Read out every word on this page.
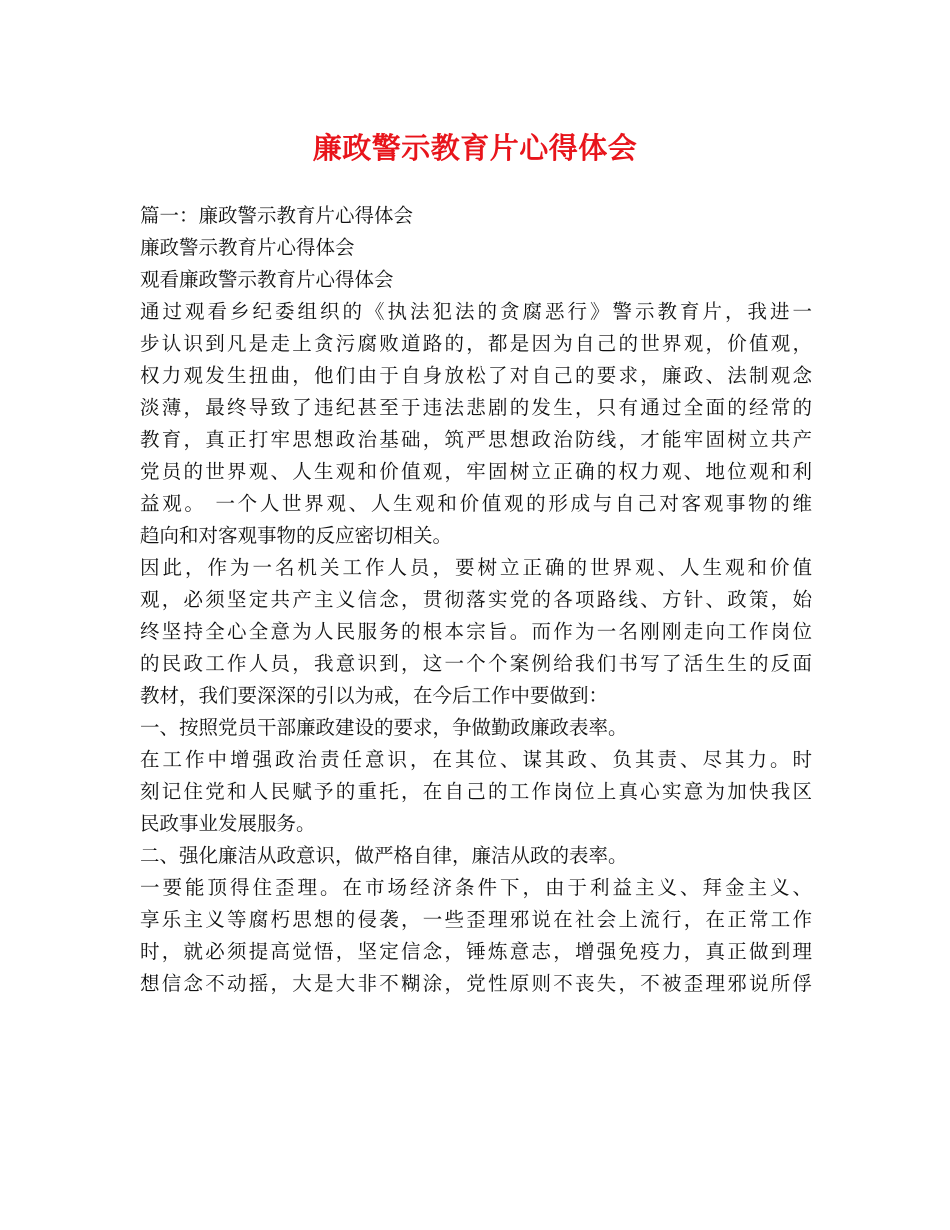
廉政警示教育片心得体会
篇一：廉政警示教育片心得体会
廉政警示教育片心得体会
观看廉政警示教育片心得体会
通过观看乡纪委组织的《执法犯法的贪腐恶行》警示教育片，我进一
步认识到凡是走上贪污腐败道路的，都是因为自己的世界观，价值观，
权力观发生扭曲，他们由于自身放松了对自己的要求，廉政、法制观念
淡薄，最终导致了违纪甚至于违法悲剧的发生，只有通过全面的经常的
教育，真正打牢思想政治基础，筑严思想政治防线，才能牢固树立共产
党员的世界观、人生观和价值观，牢固树立正确的权力观、地位观和利
益观。 一个人世界观、人生观和价值观的形成与自己对客观事物的维
趋向和对客观事物的反应密切相关。
因此，作为一名机关工作人员，要树立正确的世界观、人生观和价值
观，必须坚定共产主义信念，贯彻落实党的各项路线、方针、政策，始
终坚持全心全意为人民服务的根本宗旨。而作为一名刚刚走向工作岗位
的民政工作人员，我意识到，这一个个案例给我们书写了活生生的反面
教材，我们要深深的引以为戒，在今后工作中要做到：
一、按照党员干部廉政建设的要求，争做勤政廉政表率。
在工作中增强政治责任意识，在其位、谋其政、负其责、尽其力。时
刻记住党和人民赋予的重托，在自己的工作岗位上真心实意为加快我区
民政事业发展服务。
二、强化廉洁从政意识，做严格自律，廉洁从政的表率。
一要能顶得住歪理。在市场经济条件下，由于利益主义、拜金主义、
享乐主义等腐朽思想的侵袭，一些歪理邪说在社会上流行，在正常工作
时，就必须提高觉悟，坚定信念，锤炼意志，增强免疫力，真正做到理
想信念不动摇，大是大非不糊涂，党性原则不丧失，不被歪理邪说所俘
